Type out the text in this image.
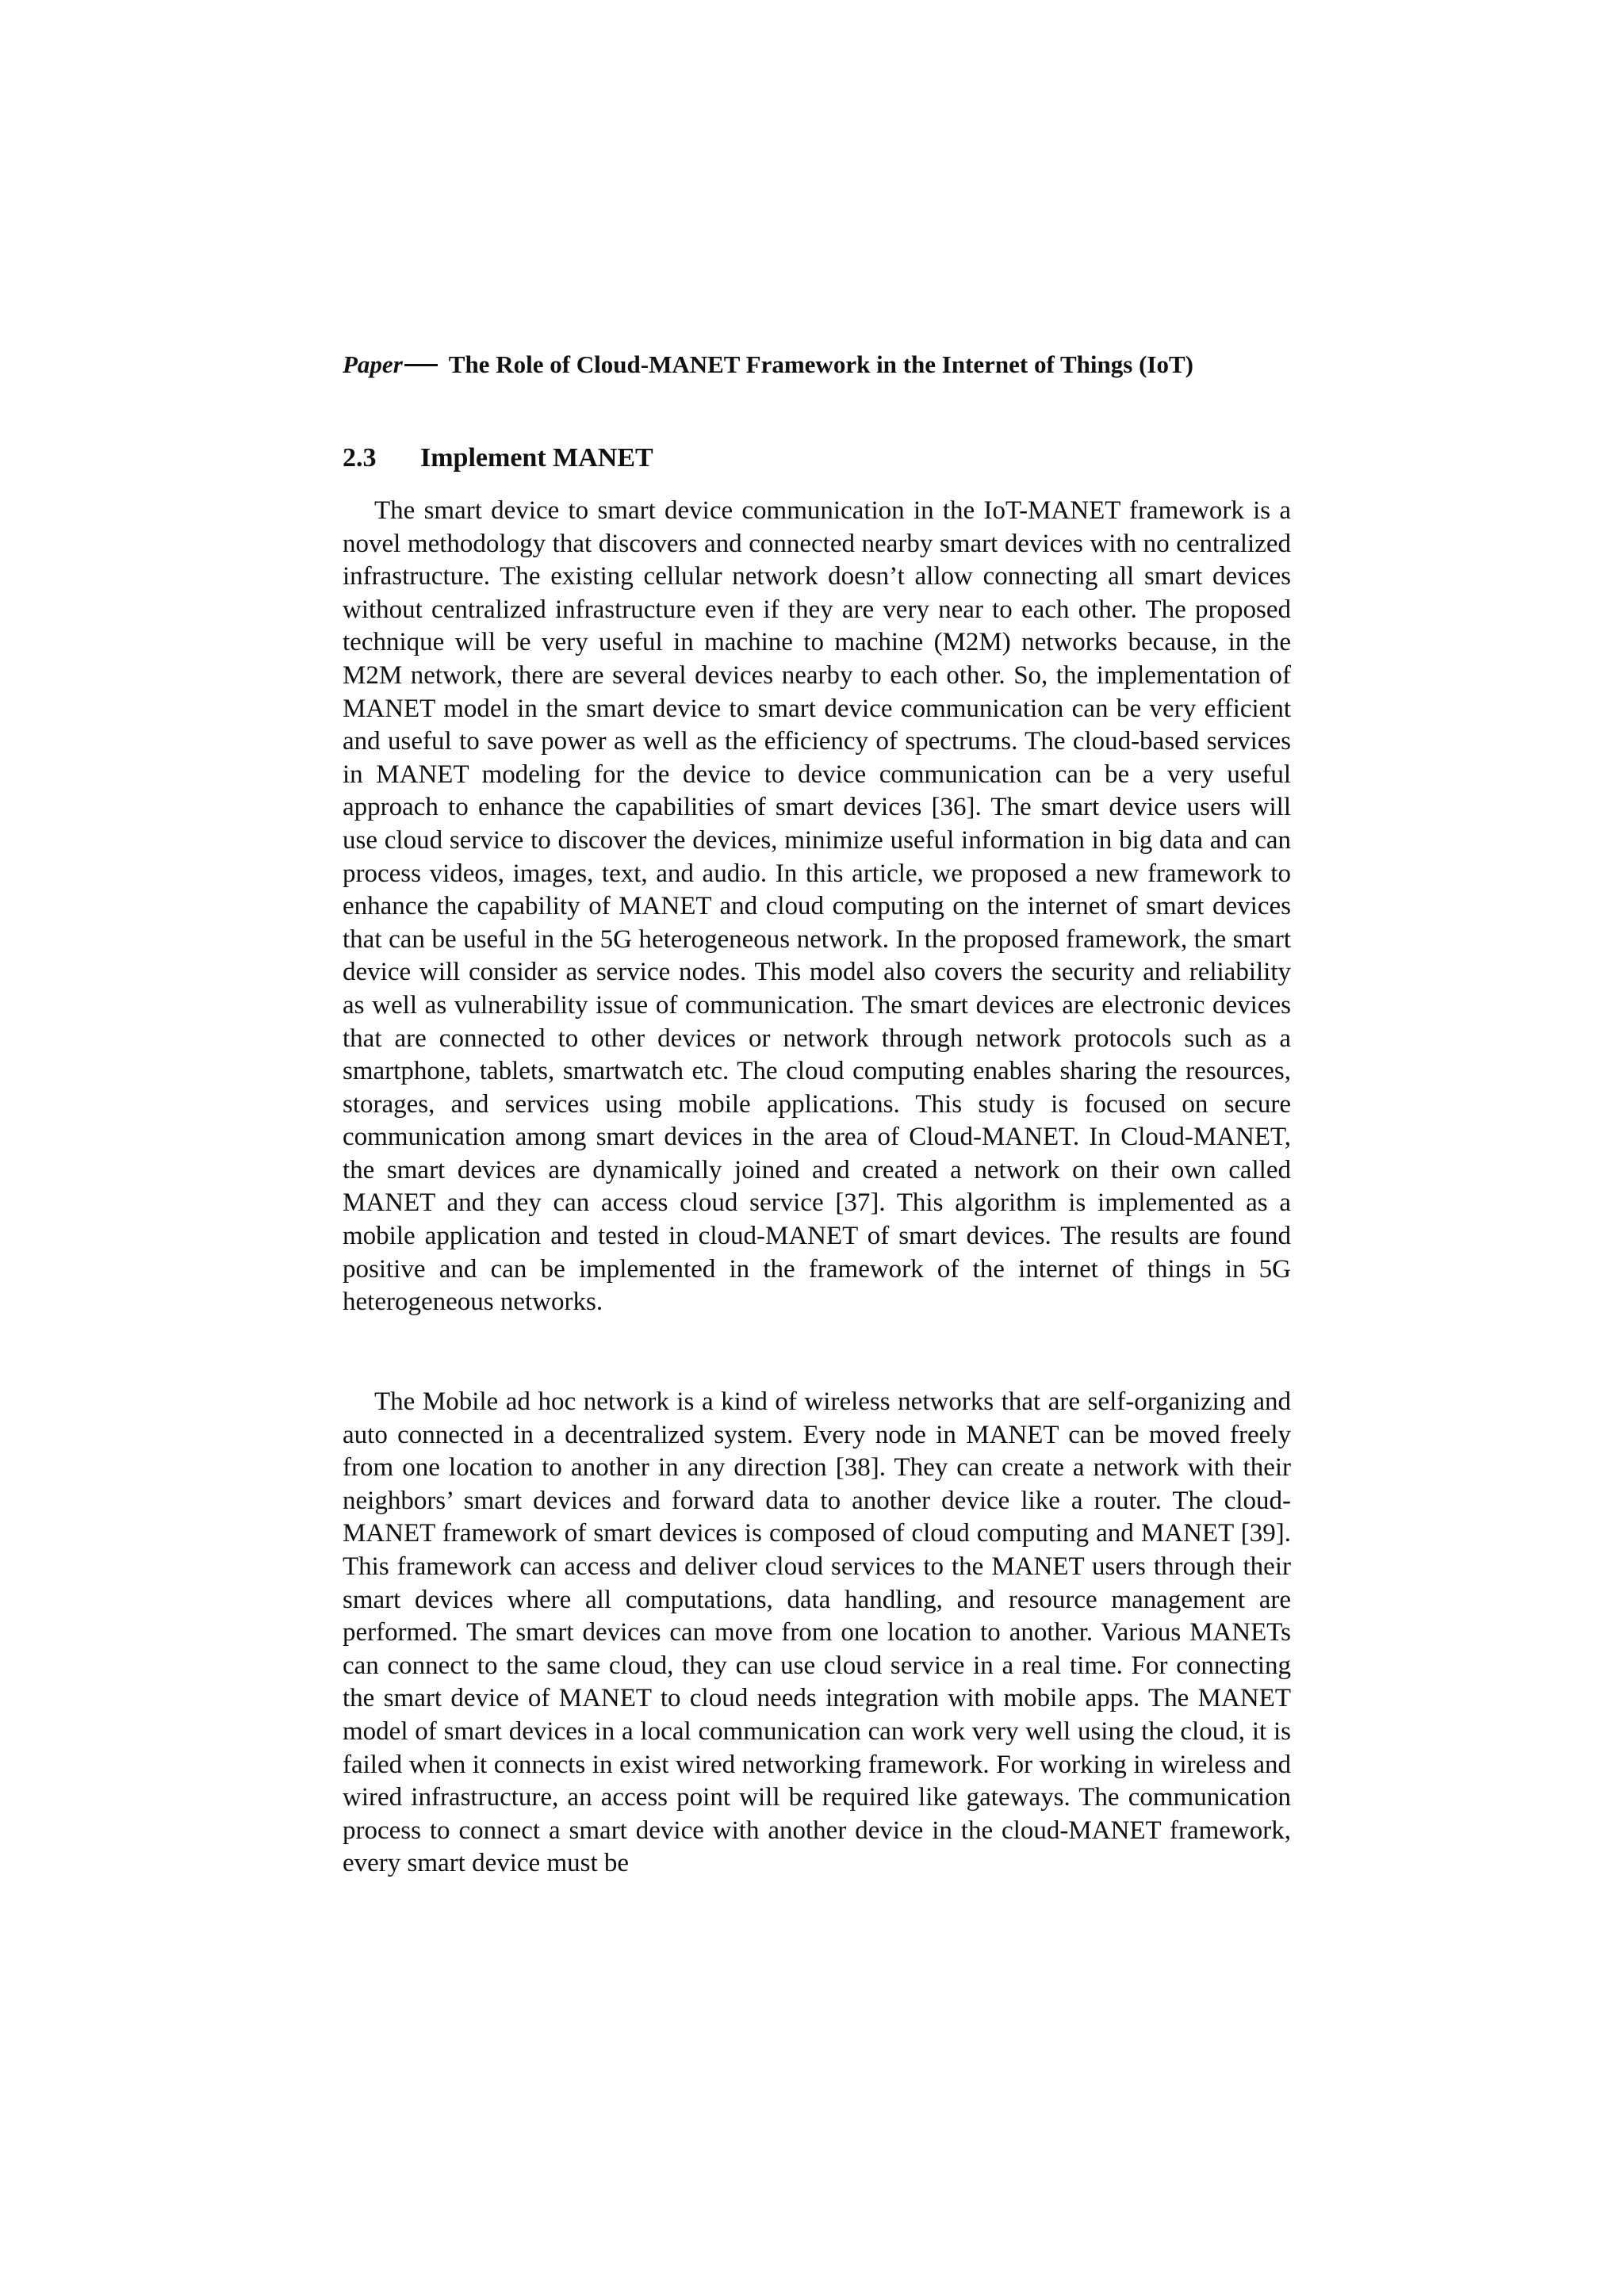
Paper The Role of Cloud-MANET Framework in the Internet of Things (IoT)
2.3 Implement MANET

The smart device to smart device communication in the IoT-MANET framework is a novel methodology that discovers and connected nearby smart devices with no centralized infrastructure. The existing cellular network doesn’t allow connecting all smart devices without centralized infrastructure even if they are very near to each other. The proposed technique will be very useful in machine to machine (M2M) networks because, in the M2M network, there are several devices nearby to each other. So, the implementation of MANET model in the smart device to smart device communication can be very efficient and useful to save power as well as the efficiency of spectrums. The cloud-based services in MANET modeling for the device to device communication can be a very useful approach to enhance the capabilities of smart devices [36]. The smart device users will use cloud service to discover the devices, minimize useful information in big data and can process videos, images, text, and audio. In this article, we proposed a new framework to enhance the capability of MANET and cloud computing on the internet of smart devices that can be useful in the 5G heterogeneous network. In the proposed framework, the smart device will consider as service nodes. This model also covers the security and reliability as well as vulnerability issue of communication. The smart devices are electronic devices that are connected to other devices or network through network protocols such as a smartphone, tablets, smartwatch etc. The cloud computing enables sharing the resources, storages, and services using mobile applications. This study is focused on secure communication among smart devices in the area of Cloud-MANET. In Cloud-MANET, the smart devices are dynamically joined and created a network on their own called MANET and they can access cloud service [37]. This algorithm is implemented as a mobile application and tested in cloud-MANET of smart devices. The results are found positive and can be implemented in the framework of the internet of things in 5G heterogeneous networks.

The Mobile ad hoc network is a kind of wireless networks that are self-organizing and auto connected in a decentralized system. Every node in MANET can be moved freely from one location to another in any direction [38]. They can create a network with their neighbors’ smart devices and forward data to another device like a router. The cloud-MANET framework of smart devices is composed of cloud computing and MANET [39]. This framework can access and deliver cloud services to the MANET users through their smart devices where all computations, data handling, and resource management are performed. The smart devices can move from one location to another. Various MANETs can connect to the same cloud, they can use cloud service in a real time. For connecting the smart device of MANET to cloud needs integration with mobile apps. The MANET model of smart devices in a local communication can work very well using the cloud, it is failed when it connects in exist wired networking framework. For working in wireless and wired infrastructure, an access point will be required like gateways. The communication process to connect a smart device with another device in the cloud-MANET framework, every smart device must be
